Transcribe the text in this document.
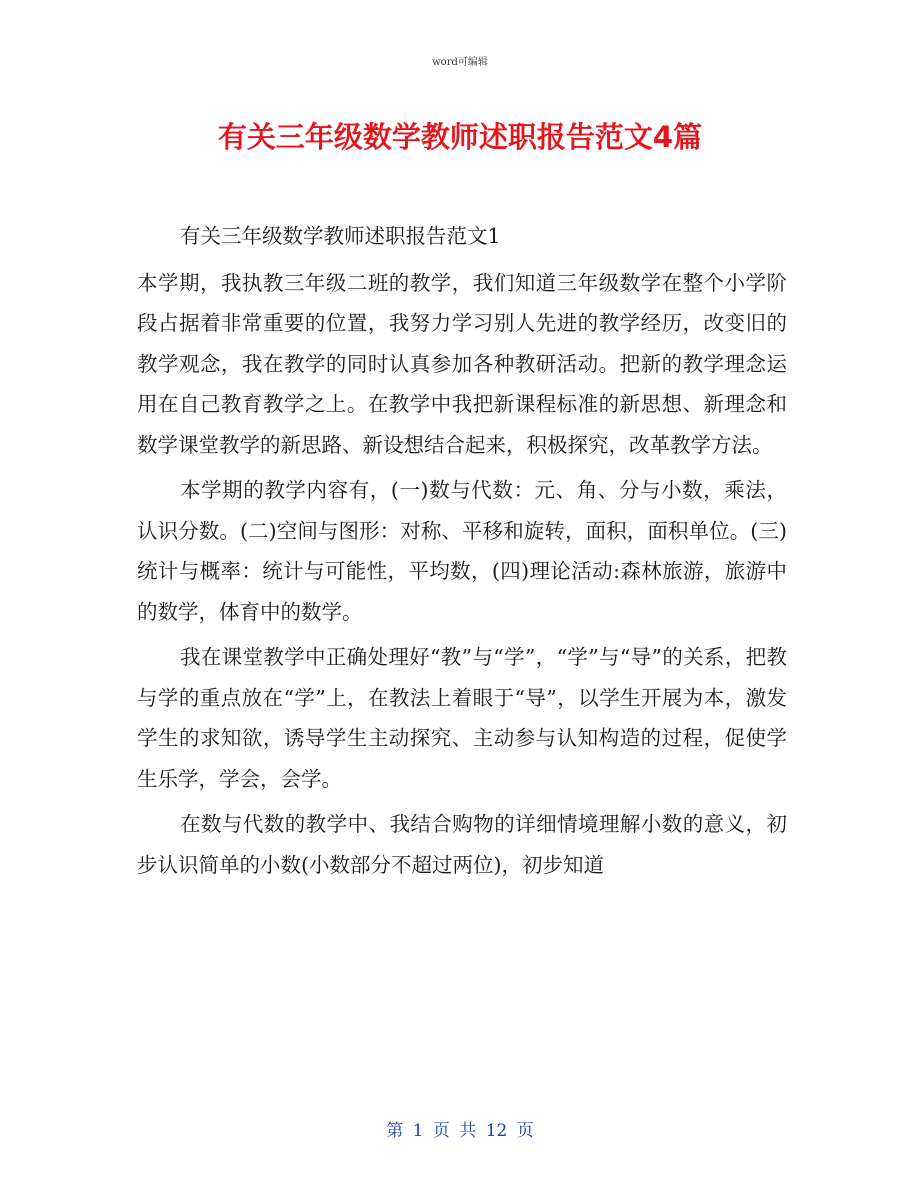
word可编辑
有关三年级数学教师述职报告范文4篇

有关三年级数学教师述职报告范文1

本学期，我执教三年级二班的教学，我们知道三年级数学在整个小学阶段占据着非常重要的位置，我努力学习别人先进的教学经历，改变旧的教学观念，我在教学的同时认真参加各种教研活动。把新的教学理念运用在自己教育教学之上。在教学中我把新课程标准的新思想、新理念和数学课堂教学的新思路、新设想结合起来，积极探究，改革教学方法。

本学期的教学内容有，(一)数与代数：元、角、分与小数，乘法，认识分数。(二)空间与图形：对称、平移和旋转，面积，面积单位。(三)统计与概率：统计与可能性，平均数，(四)理论活动:森林旅游，旅游中的数学，体育中的数学。

我在课堂教学中正确处理好“教”与“学”，“学”与“导”的关系，把教与学的重点放在“学”上，在教法上着眼于“导”，以学生开展为本，激发学生的求知欲，诱导学生主动探究、主动参与认知构造的过程，促使学生乐学，学会，会学。

在数与代数的教学中、我结合购物的详细情境理解小数的意义，初步认识简单的小数(小数部分不超过两位)，初步知道

第 1 页 共 12 页
